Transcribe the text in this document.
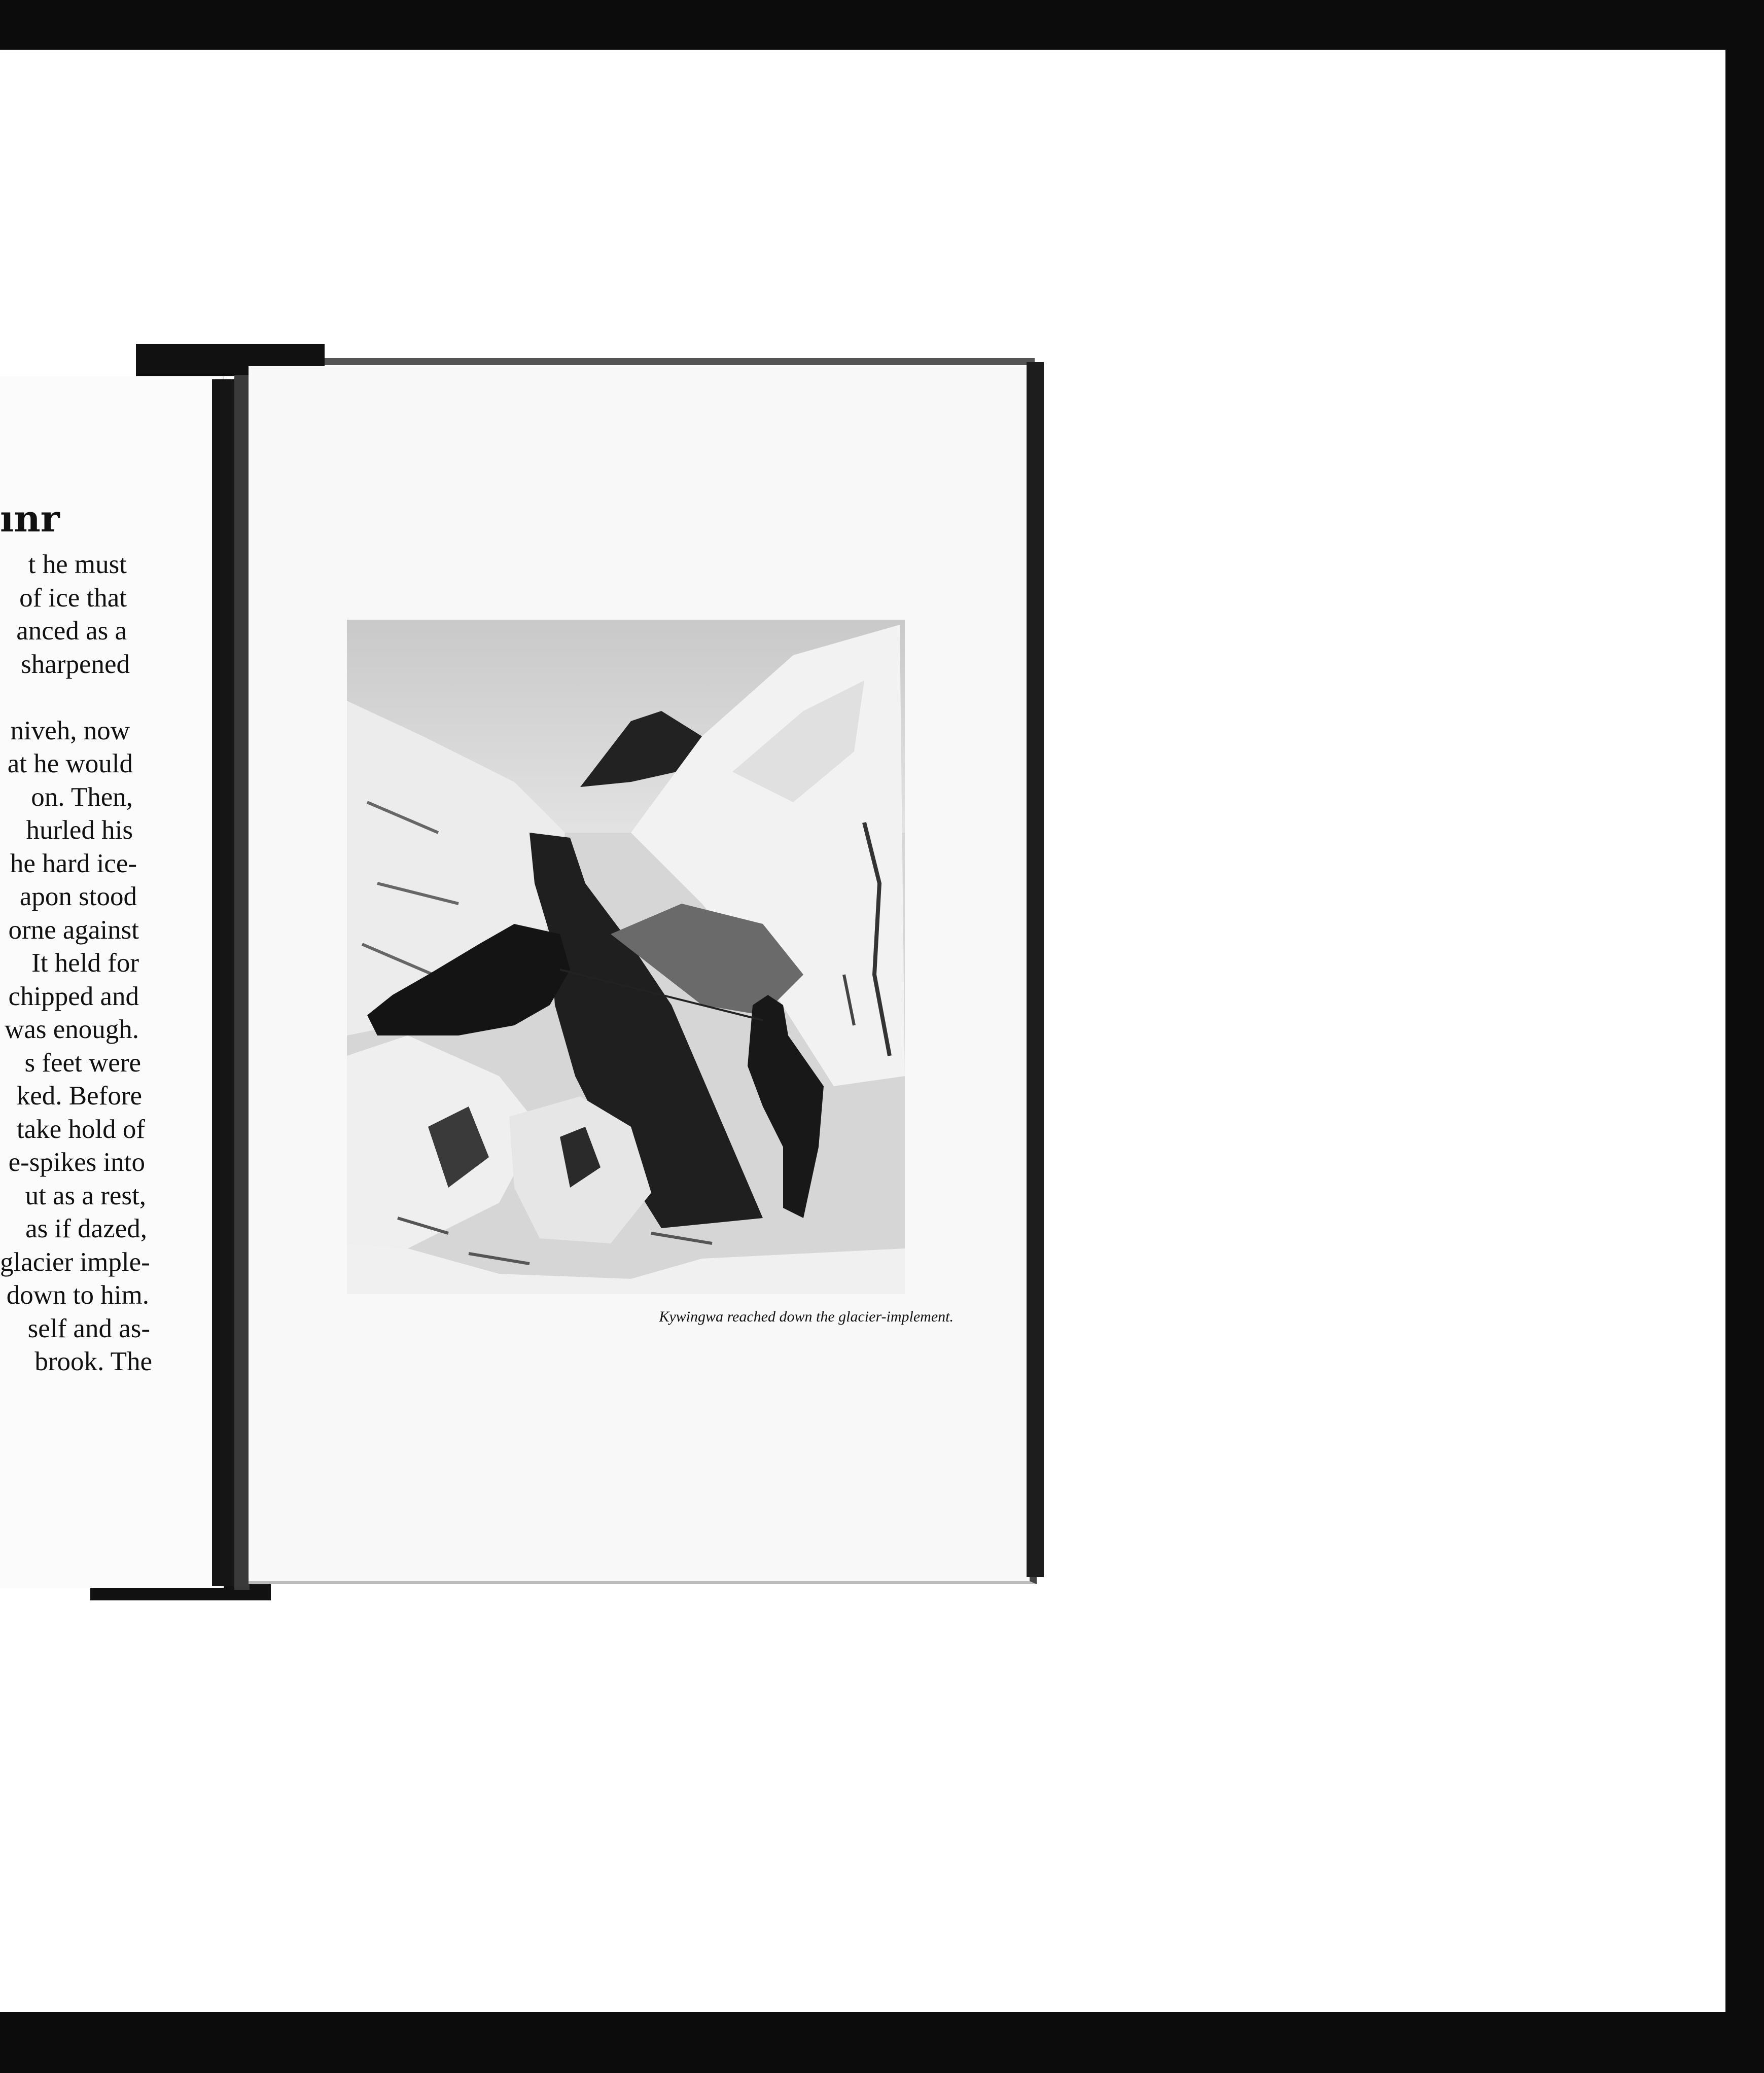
ınr
t he must
of ice that
anced as a
sharpened
niveh, now
at he would
on. Then,
hurled his
he hard ice-
apon stood
orne against
It held for
chipped and
was enough.
s feet were
ked. Before
take hold of
e-spikes into
ut as a rest,
as if dazed,
glacier imple-
down to him.
self and as-
brook. The
Kywingwa reached down the glacier-implement.
